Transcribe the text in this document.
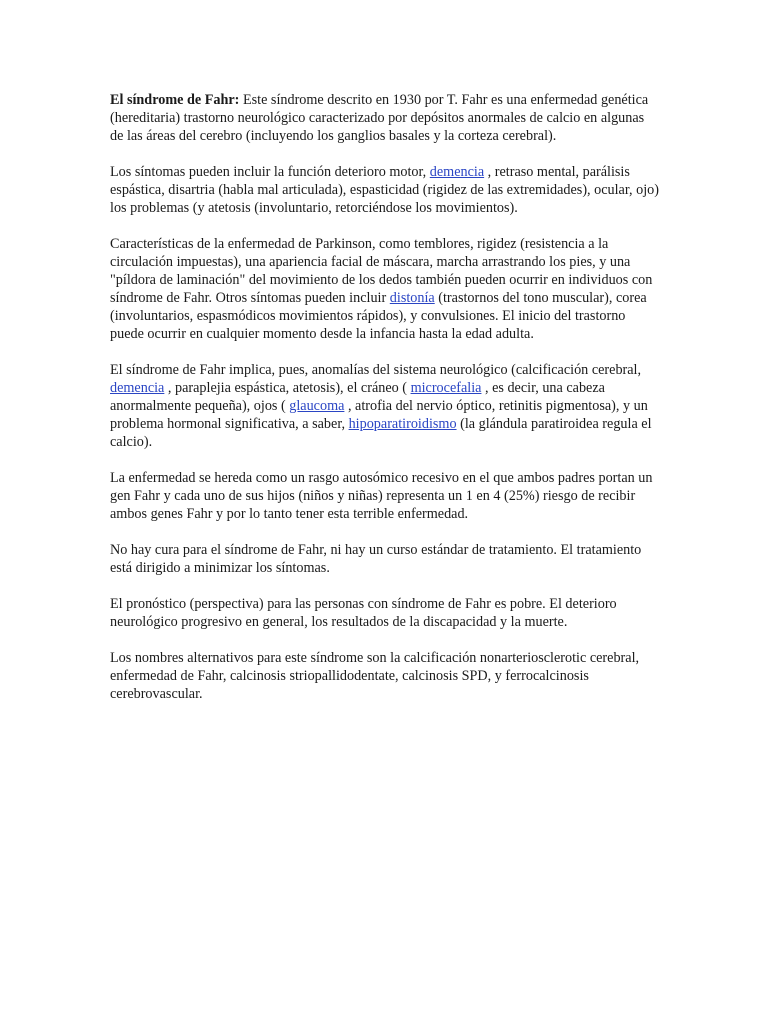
El síndrome de Fahr: Este síndrome descrito en 1930 por T. Fahr es una enfermedad genética (hereditaria) trastorno neurológico caracterizado por depósitos anormales de calcio en algunas de las áreas del cerebro (incluyendo los ganglios basales y la corteza cerebral).

Los síntomas pueden incluir la función deterioro motor, demencia , retraso mental, parálisis espástica, disartria (habla mal articulada), espasticidad (rigidez de las extremidades), ocular, ojo) los problemas (y atetosis (involuntario, retorciéndose los movimientos).

Características de la enfermedad de Parkinson, como temblores, rigidez (resistencia a la circulación impuestas), una apariencia facial de máscara, marcha arrastrando los pies, y una "píldora de laminación" del movimiento de los dedos también pueden ocurrir en individuos con síndrome de Fahr. Otros síntomas pueden incluir distonía (trastornos del tono muscular), corea (involuntarios, espasmódicos movimientos rápidos), y convulsiones. El inicio del trastorno puede ocurrir en cualquier momento desde la infancia hasta la edad adulta.

El síndrome de Fahr implica, pues, anomalías del sistema neurológico (calcificación cerebral, demencia , paraplejia espástica, atetosis), el cráneo ( microcefalia , es decir, una cabeza anormalmente pequeña), ojos ( glaucoma , atrofia del nervio óptico, retinitis pigmentosa), y un problema hormonal significativa, a saber, hipoparatiroidismo (la glándula paratiroidea regula el calcio).

La enfermedad se hereda como un rasgo autosómico recesivo en el que ambos padres portan un gen Fahr y cada uno de sus hijos (niños y niñas) representa un 1 en 4 (25%) riesgo de recibir ambos genes Fahr y por lo tanto tener esta terrible enfermedad.

No hay cura para el síndrome de Fahr, ni hay un curso estándar de tratamiento. El tratamiento está dirigido a minimizar los síntomas.

El pronóstico (perspectiva) para las personas con síndrome de Fahr es pobre. El deterioro neurológico progresivo en general, los resultados de la discapacidad y la muerte.

Los nombres alternativos para este síndrome son la calcificación nonarteriosclerotic cerebral, enfermedad de Fahr, calcinosis striopallidodentate, calcinosis SPD, y ferrocalcinosis cerebrovascular.
